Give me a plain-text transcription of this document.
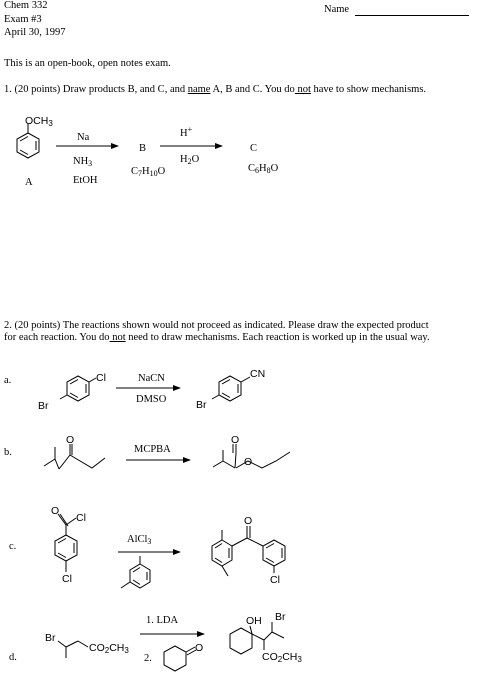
Chem 332
Exam #3
April 30, 1997
Name
This is an open-book, open notes exam.
1. (20 points) Draw products B, and C, and name A, B and C. You do not have to show mechanisms.
2. (20 points) The reactions shown would not proceed as indicated. Please draw the expected product
for each reaction. You do not need to draw mechanisms. Each reaction is worked up in the usual way.
a.
b.
c.
d.
OCH3
A
Na
NH3
EtOH
B
C7H10O
H+
H2O
C
C6H8O
Cl
Br
NaCN
DMSO
CN
Br
O
MCPBA
O
O
O
Cl
Cl
AlCl3
O
Cl
Br
CO2CH3
1. LDA
2.
O
OH Br
CO2CH3
